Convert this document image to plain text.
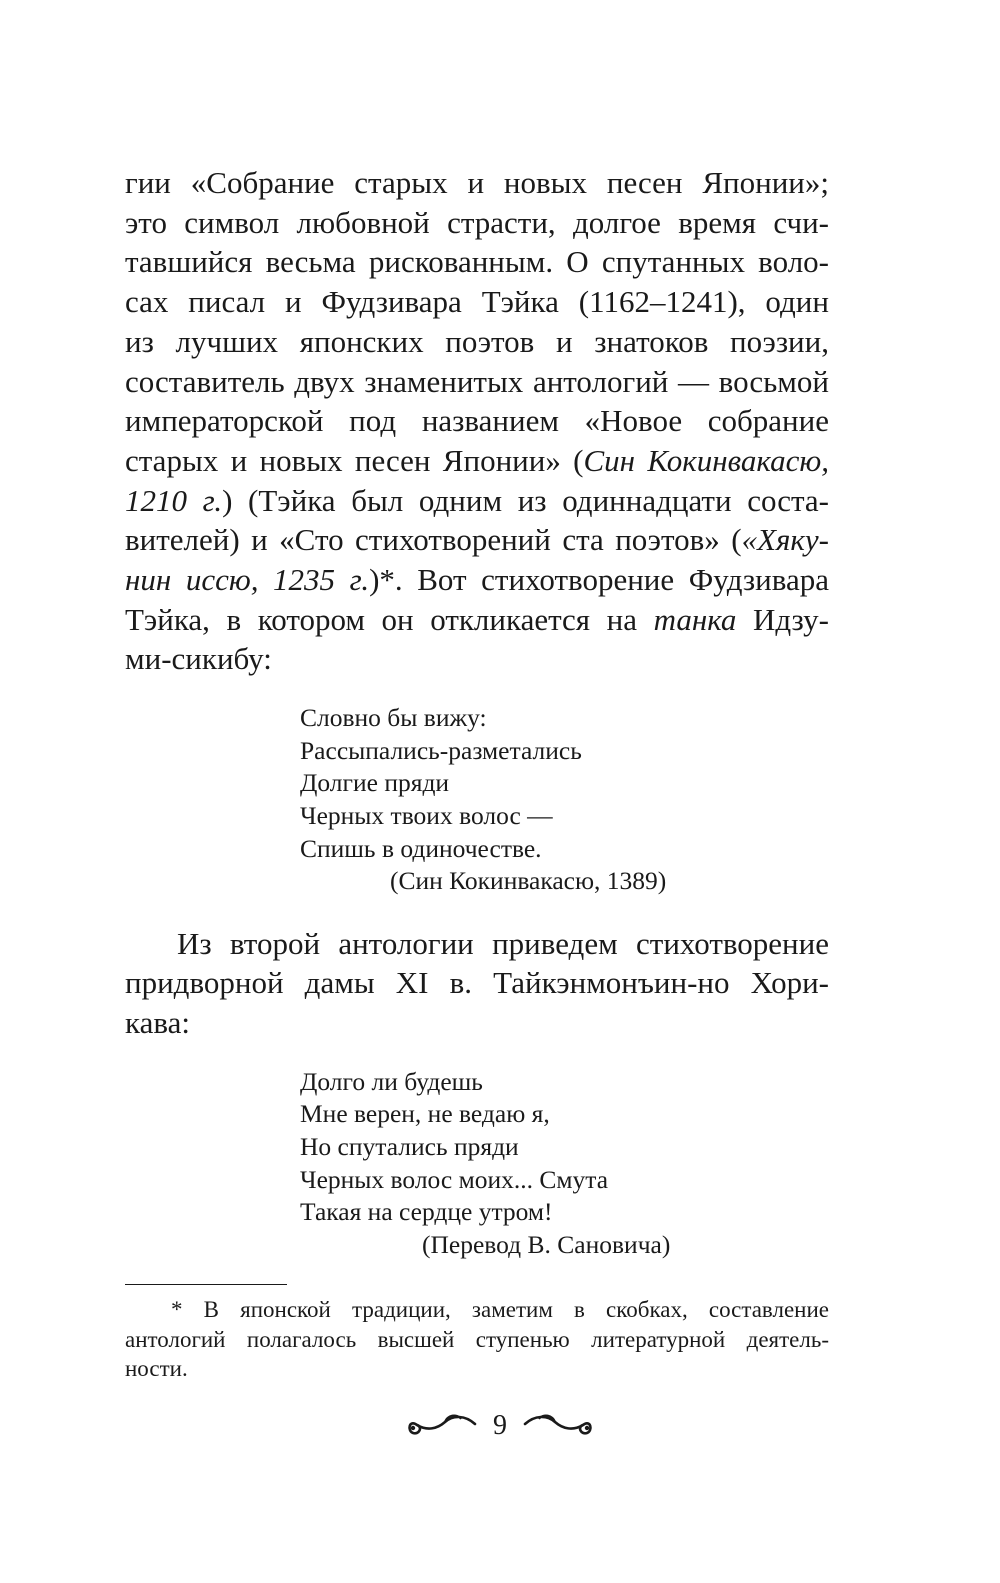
гии «Собрание старых и новых песен Японии»;
это символ любовной страсти, долгое время счи-
тавшийся весьма рискованным. О спутанных воло-
сах писал и Фудзивара Тэйка (1162–1241), один
из лучших японских поэтов и знатоков поэзии,
составитель двух знаменитых антологий — восьмой
императорской под названием «Новое собрание
старых и новых песен Японии» (Син Кокинвакасю,
1210 г.) (Тэйка был одним из одиннадцати соста-
вителей) и «Сто стихотворений ста поэтов» («Хяку-
нин иссю, 1235 г.)*. Вот стихотворение Фудзивара
Тэйка, в котором он откликается на танка Идзу-
ми-сикибу:

Словно бы вижу:
Рассыпались-разметались
Долгие пряди
Черных твоих волос —
Спишь в одиночестве.
(Син Кокинвакасю, 1389)

Из второй антологии приведем стихотворение
придворной дамы XI в. Тайкэнмонъин-но Хори-
кава:

Долго ли будешь
Мне верен, не ведаю я,
Но спутались пряди
Черных волос моих... Смута
Такая на сердце утром!
(Перевод В. Сановича)
* В японской традиции, заметим в скобках, составление
антологий полагалось высшей ступенью литературной деятель-
ности.
9
